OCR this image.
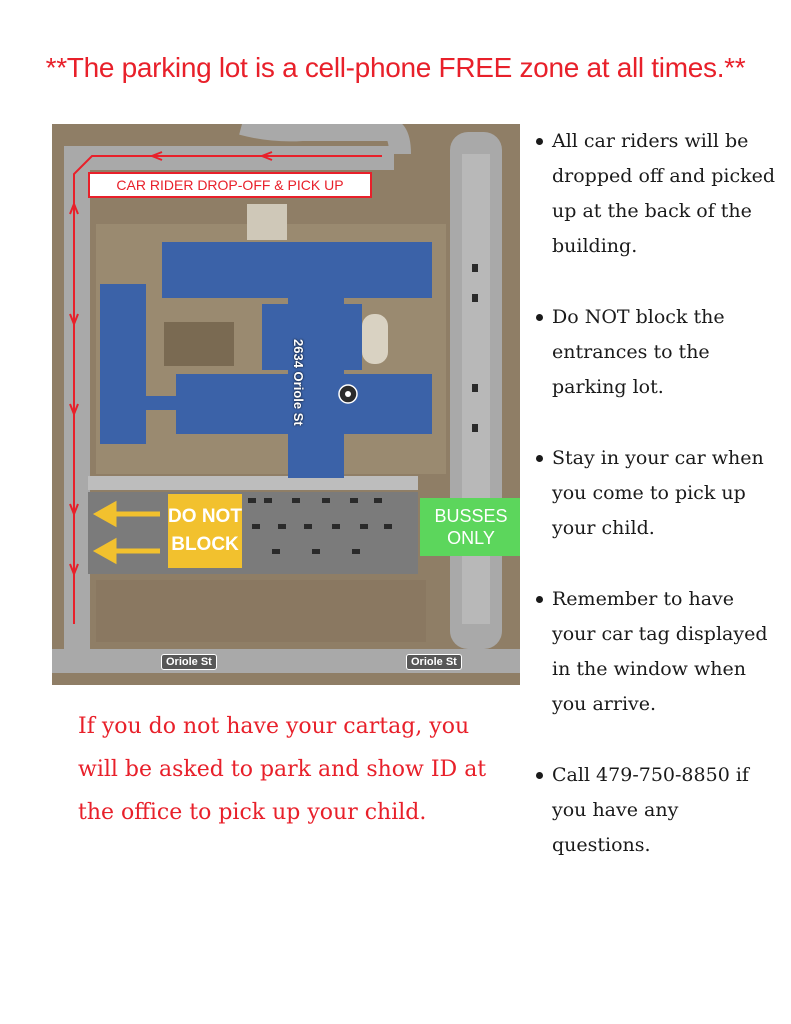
**The parking lot is a cell-phone FREE zone at all times.**
CAR RIDER DROP-OFF & PICK UP
DO NOT
BLOCK
BUSSES
ONLY
2634 Oriole St
Oriole St	Oriole St
All car riders will be dropped off and picked up at the back of the building.
Do NOT block the entrances to the parking lot.
Stay in your car when you come to pick up your child.
Remember to have your car tag displayed in the window when you arrive.
Call 479-750-8850 if you have any questions.
If you do not have your cartag, you will be asked to park and show ID at the office to pick up your child.
